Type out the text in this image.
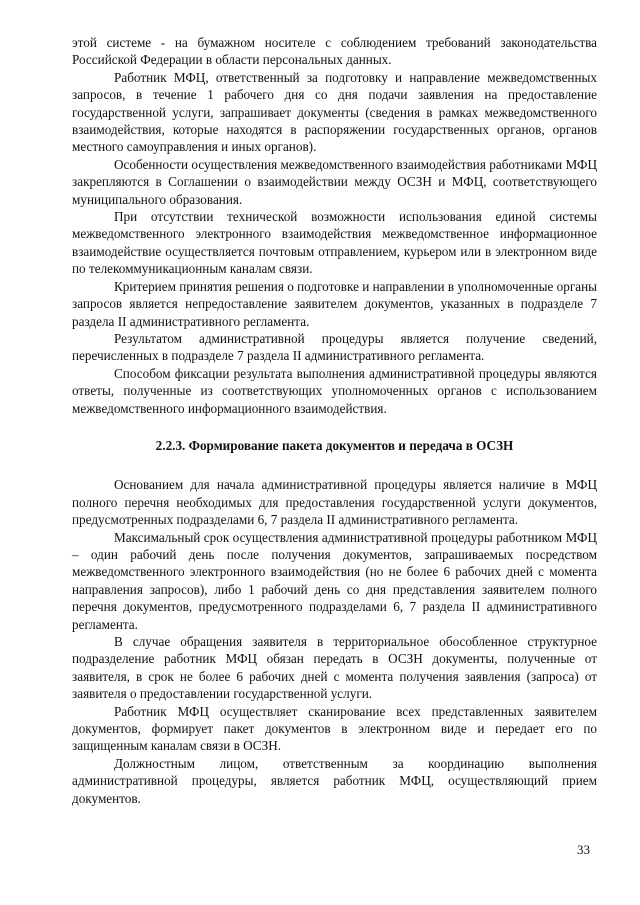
этой системе - на бумажном носителе с соблюдением требований законодательства Российской Федерации в области персональных данных.

Работник МФЦ, ответственный за подготовку и направление межведомственных запросов, в течение 1 рабочего дня со дня подачи заявления на предоставление государственной услуги, запрашивает документы (сведения в рамках межведомственного взаимодействия, которые находятся в распоряжении государственных органов, органов местного самоуправления и иных органов).

Особенности осуществления межведомственного взаимодействия работниками МФЦ закрепляются в Соглашении о взаимодействии между ОСЗН и МФЦ, соответствующего муниципального образования.

При отсутствии технической возможности использования единой системы межведомственного электронного взаимодействия межведомственное информационное взаимодействие осуществляется почтовым отправлением, курьером или в электронном виде по телекоммуникационным каналам связи.

Критерием принятия решения о подготовке и направлении в уполномоченные органы запросов является непредоставление заявителем документов, указанных в подразделе 7 раздела II административного регламента.

Результатом административной процедуры является получение сведений, перечисленных в подразделе 7 раздела II административного регламента.

Способом фиксации результата выполнения административной процедуры являются ответы, полученные из соответствующих уполномоченных органов с использованием межведомственного информационного взаимодействия.

2.2.3. Формирование пакета документов и передача в ОСЗН

Основанием для начала административной процедуры является наличие в МФЦ полного перечня необходимых для предоставления государственной услуги документов, предусмотренных подразделами 6, 7 раздела II административного регламента.

Максимальный срок осуществления административной процедуры работником МФЦ – один рабочий день после получения документов, запрашиваемых посредством межведомственного электронного взаимодействия (но не более 6 рабочих дней с момента направления запросов), либо 1 рабочий день со дня представления заявителем полного перечня документов, предусмотренного подразделами 6, 7 раздела II административного регламента.

В случае обращения заявителя в территориальное обособленное структурное подразделение работник МФЦ обязан передать в ОСЗН документы, полученные от заявителя, в срок не более 6 рабочих дней с момента получения заявления (запроса) от заявителя о предоставлении государственной услуги.

Работник МФЦ осуществляет сканирование всех представленных заявителем документов, формирует пакет документов в электронном виде и передает его по защищенным каналам связи в ОСЗН.

Должностным лицом, ответственным за координацию выполнения административной процедуры, является работник МФЦ, осуществляющий прием документов.

33
